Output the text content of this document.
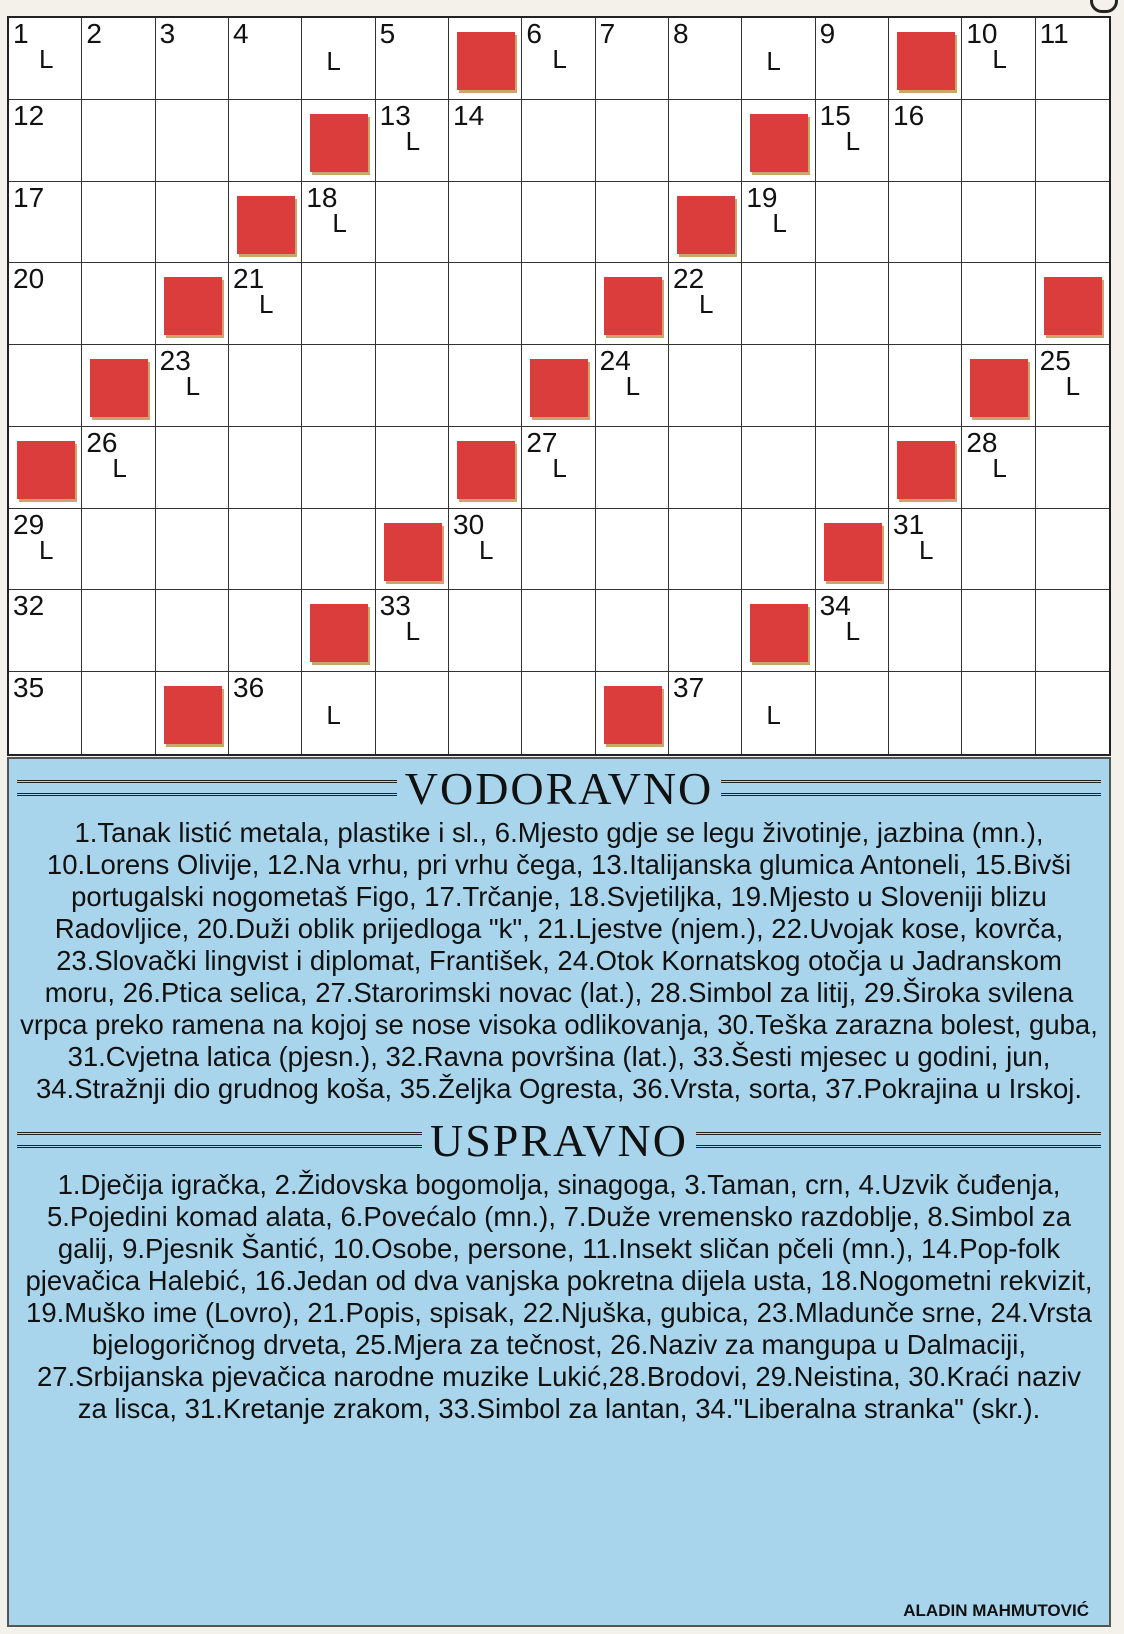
1
L
2 3 4
L
5	6
L
7 8
L
9	10
L
11
12	13
L
14	15
L
16
17	18
L
19
L
20	21
L
22
L
23
L
24
L
25
L
26
L
27
L
28
L
29
L
30
L
31
L
32	33
L
34
L
35	36
L
37
L
VODORAVNO
1.Tanak listić metala, plastike i sl., 6.Mjesto gdje se legu životinje, jazbina (mn.), 10.Lorens Olivije, 12.Na vrhu, pri vrhu čega, 13.Italijanska glumica Antoneli, 15.Bivši portugalski nogometaš Figo, 17.Trčanje, 18.Svjetiljka, 19.Mjesto u Sloveniji blizu Radovljice, 20.Duži oblik prijedloga "k", 21.Ljestve (njem.), 22.Uvojak kose, kovrča, 23.Slovački lingvist i diplomat, František, 24.Otok Kornatskog otočja u Jadranskom moru, 26.Ptica selica, 27.Starorimski novac (lat.), 28.Simbol za litij, 29.Široka svilena vrpca preko ramena na kojoj se nose visoka odlikovanja, 30.Teška zarazna bolest, guba, 31.Cvjetna latica (pjesn.), 32.Ravna površina (lat.), 33.Šesti mjesec u godini, jun, 34.Stražnji dio grudnog koša, 35.Željka Ogresta, 36.Vrsta, sorta, 37.Pokrajina u Irskoj.
USPRAVNO
1.Dječija igračka, 2.Židovska bogomolja, sinagoga, 3.Taman, crn, 4.Uzvik čuđenja, 5.Pojedini komad alata, 6.Povećalo (mn.), 7.Duže vremensko razdoblje, 8.Simbol za galij, 9.Pjesnik Šantić, 10.Osobe, persone, 11.Insekt sličan pčeli (mn.), 14.Pop-folk pjevačica Halebić, 16.Jedan od dva vanjska pokretna dijela usta, 18.Nogometni rekvizit, 19.Muško ime (Lovro), 21.Popis, spisak, 22.Njuška, gubica, 23.Mladunče srne, 24.Vrsta bjelogoričnog drveta, 25.Mjera za tečnost, 26.Naziv za mangupa u Dalmaciji, 27.Srbijanska pjevačica narodne muzike Lukić,28.Brodovi, 29.Neistina, 30.Kraći naziv za lisca, 31.Kretanje zrakom, 33.Simbol za lantan, 34."Liberalna stranka" (skr.).
ALADIN MAHMUTOVIĆ
